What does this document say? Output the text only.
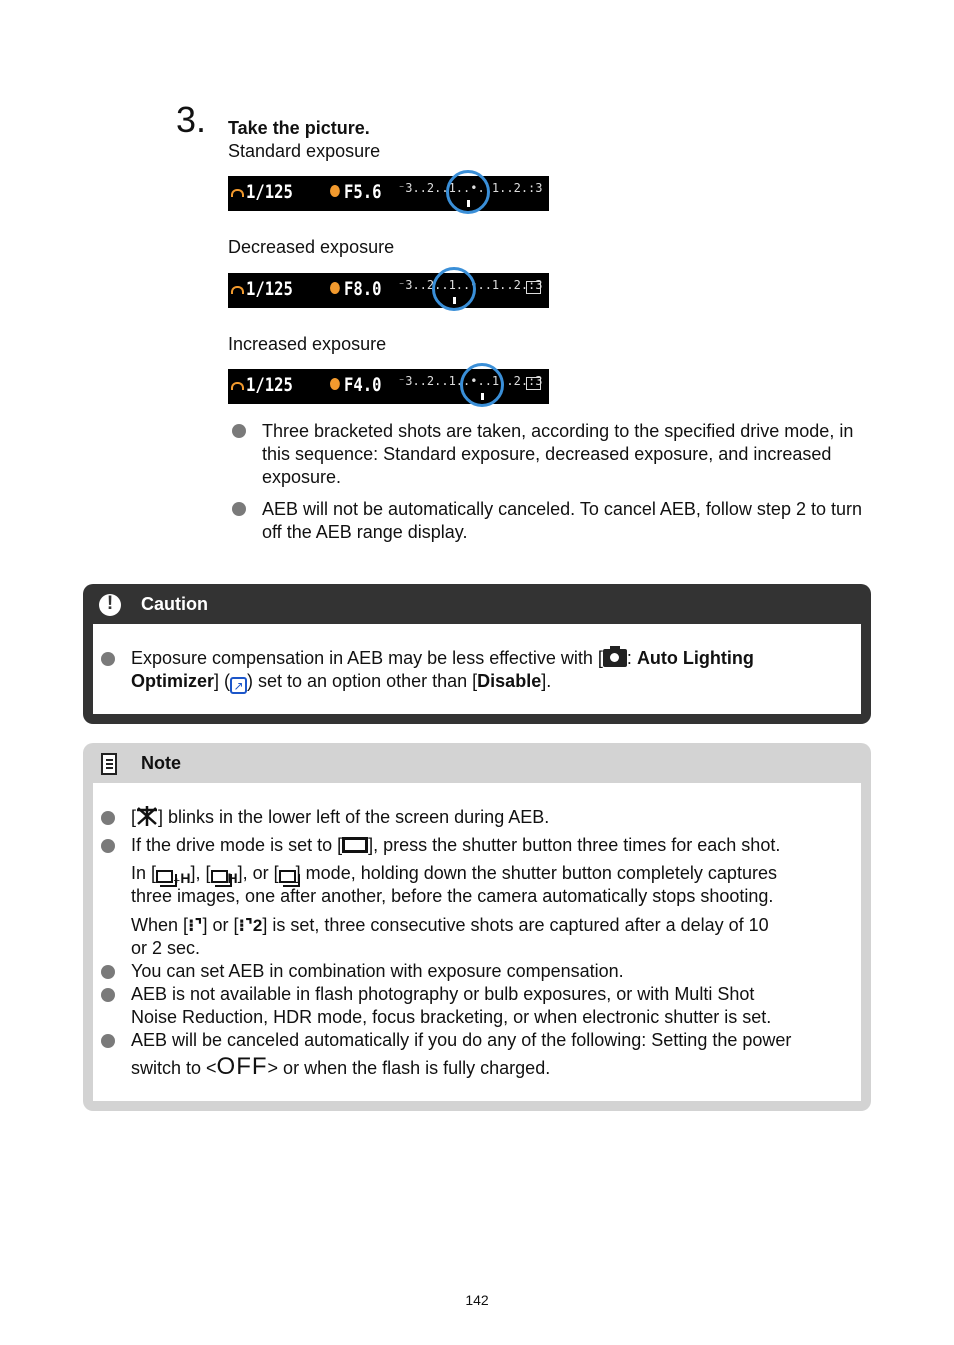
3. Take the picture.
Standard exposure
1/125	F5.6 ⁻3..2..1..•..1..2.:3
Decreased exposure
1/125	F8.0 ⁻3..2..1..•..1..2.:3
Increased exposure
1/125	F4.0 ⁻3..2..1..•..1..2.:3
Three bracketed shots are taken, according to the specified drive mode, in this sequence: Standard exposure, decreased exposure, and increased exposure.
AEB will not be automatically canceled. To cancel AEB, follow step 2 to turn off the AEB range display.
!
Caution
Exposure compensation in AEB may be less effective with [ : Auto Lighting
Optimizer] ( ↗ ) set to an option other than [Disable].
Note
[ ] blinks in the lower left of the screen during AEB.
If the drive mode is set to [ ], press the shutter button three times for each shot.
In [ ₊H], [ H], or [ ] mode, holding down the shutter button completely captures
three images, one after another, before the camera automatically stops shooting.
When [⁝⌝] or [⁝⌝2] is set, three consecutive shots are captured after a delay of 10
or 2 sec.
You can set AEB in combination with exposure compensation.
AEB is not available in flash photography or bulb exposures, or with Multi Shot
Noise Reduction, HDR mode, focus bracketing, or when electronic shutter is set.
AEB will be canceled automatically if you do any of the following: Setting the power
switch to <OFF> or when the flash is fully charged.
142
